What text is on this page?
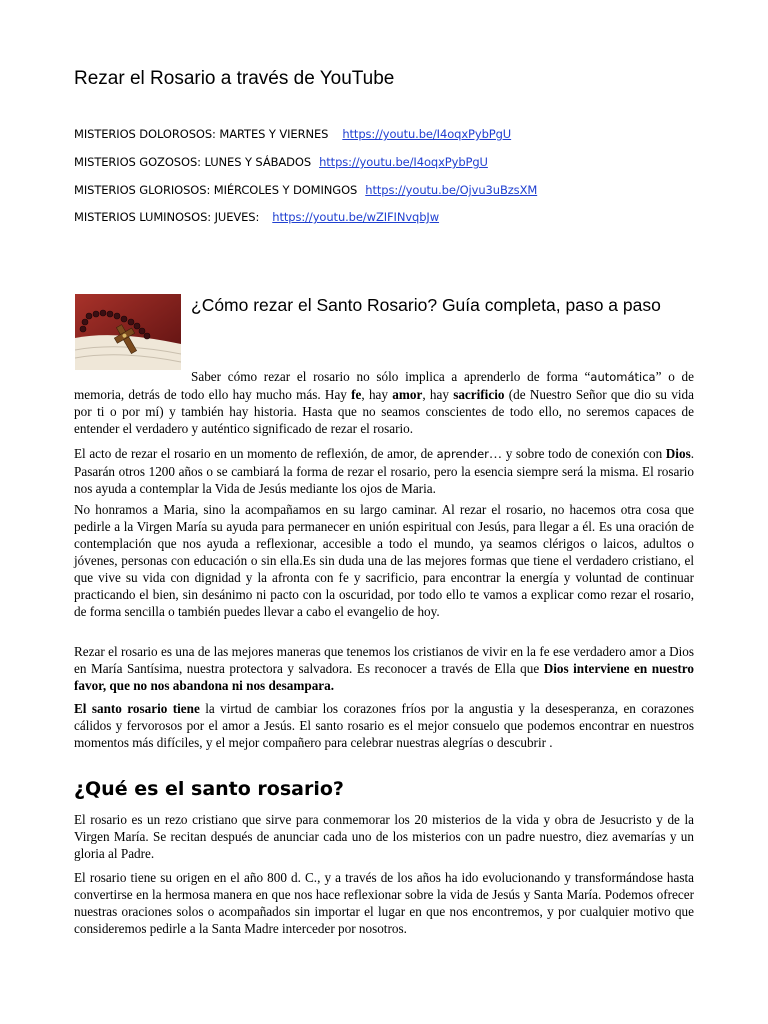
Rezar el Rosario a través de YouTube
MISTERIOS DOLOROSOS: MARTES Y VIERNES https://youtu.be/I4oqxPybPgU
MISTERIOS GOZOSOS: LUNES Y SÁBADOS https://youtu.be/I4oqxPybPgU
MISTERIOS GLORIOSOS: MIÉRCOLES Y DOMINGOS https://youtu.be/Ojvu3uBzsXM
MISTERIOS LUMINOSOS: JUEVES: https://youtu.be/wZIFINvqbJw
¿Cómo rezar el Santo Rosario? Guía completa, paso a paso

Saber cómo rezar el rosario no sólo implica a aprenderlo de forma “automática” o de memoria, detrás de todo ello hay mucho más. Hay fe, hay amor, hay sacrificio (de Nuestro Señor que dio su vida por ti o por mí) y también hay historia. Hasta que no seamos conscientes de todo ello, no seremos capaces de entender el verdadero y auténtico significado de rezar el rosario.

El acto de rezar el rosario en un momento de reflexión, de amor, de aprender… y sobre todo de conexión con Dios. Pasarán otros 1200 años o se cambiará la forma de rezar el rosario, pero la esencia siempre será la misma. El rosario nos ayuda a contemplar la Vida de Jesús mediante los ojos de Maria.

No honramos a Maria, sino la acompañamos en su largo caminar. Al rezar el rosario, no hacemos otra cosa que pedirle a la Virgen María su ayuda para permanecer en unión espiritual con Jesús, para llegar a él. Es una oración de contemplación que nos ayuda a reflexionar, accesible a todo el mundo, ya seamos clérigos o laicos, adultos o jóvenes, personas con educación o sin ella.Es sin duda una de las mejores formas que tiene el verdadero cristiano, el que vive su vida con dignidad y la afronta con fe y sacrificio, para encontrar la energía y voluntad de continuar practicando el bien, sin desánimo ni pacto con la oscuridad, por todo ello te vamos a explicar como rezar el rosario, de forma sencilla o también puedes llevar a cabo el evangelio de hoy.

Rezar el rosario es una de las mejores maneras que tenemos los cristianos de vivir en la fe ese verdadero amor a Dios en María Santísima, nuestra protectora y salvadora. Es reconocer a través de Ella que Dios interviene en nuestro favor, que no nos abandona ni nos desampara.

El santo rosario tiene la virtud de cambiar los corazones fríos por la angustia y la desesperanza, en corazones cálidos y fervorosos por el amor a Jesús. El santo rosario es el mejor consuelo que podemos encontrar en nuestros momentos más difíciles, y el mejor compañero para celebrar nuestras alegrías o descubrir .

¿Qué es el santo rosario?

El rosario es un rezo cristiano que sirve para conmemorar los 20 misterios de la vida y obra de Jesucristo y de la Virgen María. Se recitan después de anunciar cada uno de los misterios con un padre nuestro, diez avemarías y un gloria al Padre.

El rosario tiene su origen en el año 800 d. C., y a través de los años ha ido evolucionando y transformándose hasta convertirse en la hermosa manera en que nos hace reflexionar sobre la vida de Jesús y Santa María. Podemos ofrecer nuestras oraciones solos o acompañados sin importar el lugar en que nos encontremos, y por cualquier motivo que consideremos pedirle a la Santa Madre interceder por nosotros.
